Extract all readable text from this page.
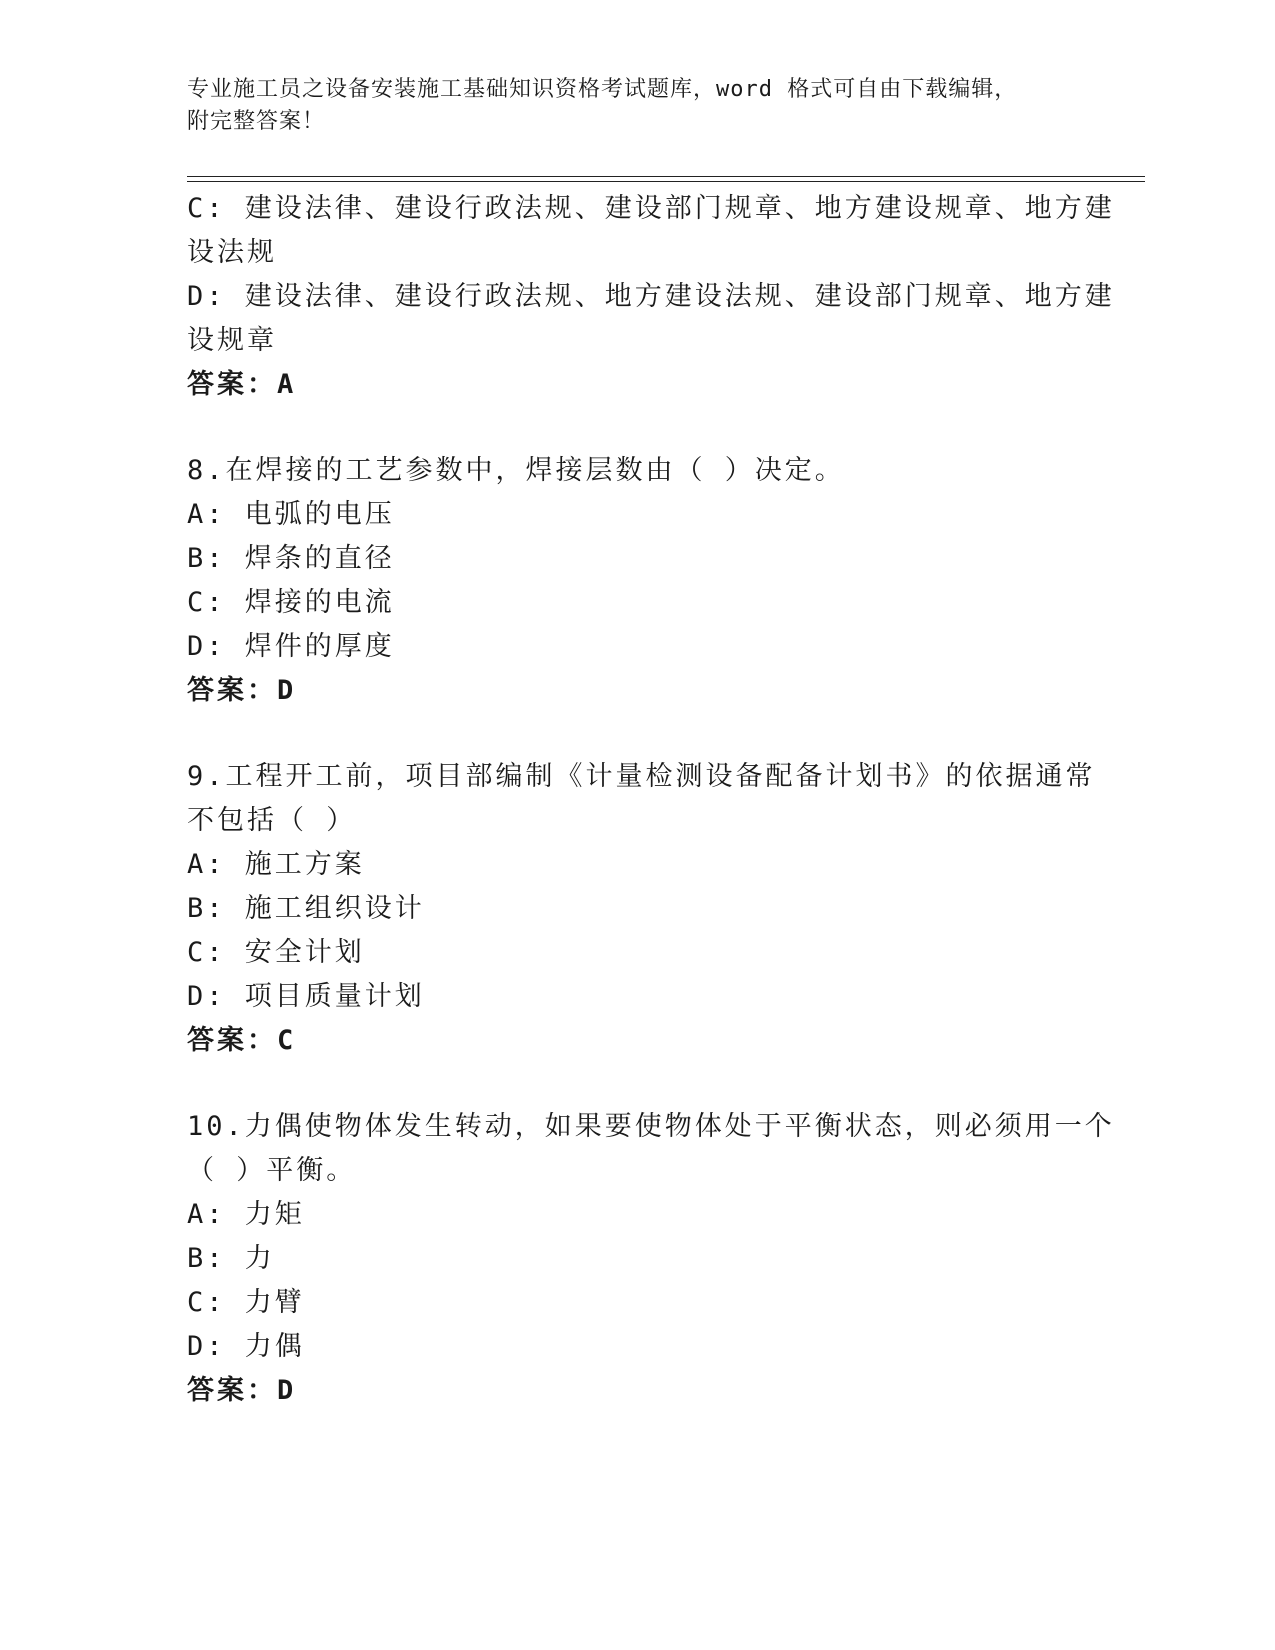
专业施工员之设备安装施工基础知识资格考试题库，word 格式可自由下载编辑，
附完整答案！
C: 建设法律、建设行政法规、建设部门规章、地方建设规章、地方建
设法规
D: 建设法律、建设行政法规、地方建设法规、建设部门规章、地方建
设规章
答案：A
8.在焊接的工艺参数中，焊接层数由（ ）决定。
A: 电弧的电压
B: 焊条的直径
C: 焊接的电流
D: 焊件的厚度
答案：D
9.工程开工前，项目部编制《计量检测设备配备计划书》的依据通常
不包括（ ）
A: 施工方案
B: 施工组织设计
C: 安全计划
D: 项目质量计划
答案：C
10.力偶使物体发生转动，如果要使物体处于平衡状态，则必须用一个
（ ）平衡。
A: 力矩
B: 力
C: 力臂
D: 力偶
答案：D
